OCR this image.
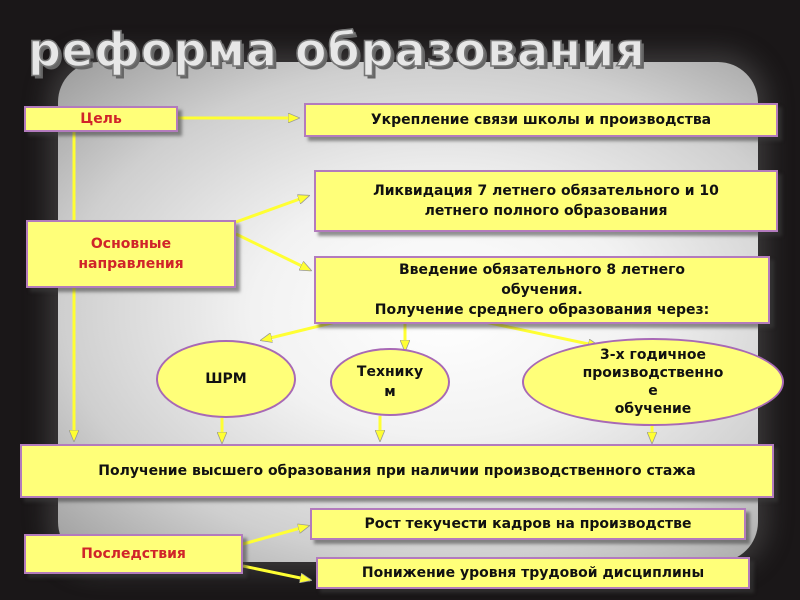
реформа образования
Цель	Укрепление связи школы и производства
Основные направления
Ликвидация 7 летнего обязательного и 10 летнего полного образования
Введение обязательного 8 летнего обучения.
Получение среднего образования через:
ШРМ	Технику
м
3-х годичное
производственно
е
обучение
Получение высшего образования при наличии производственного стажа
Последствия
Рост текучести кадров на производстве
Понижение уровня трудовой дисциплины
